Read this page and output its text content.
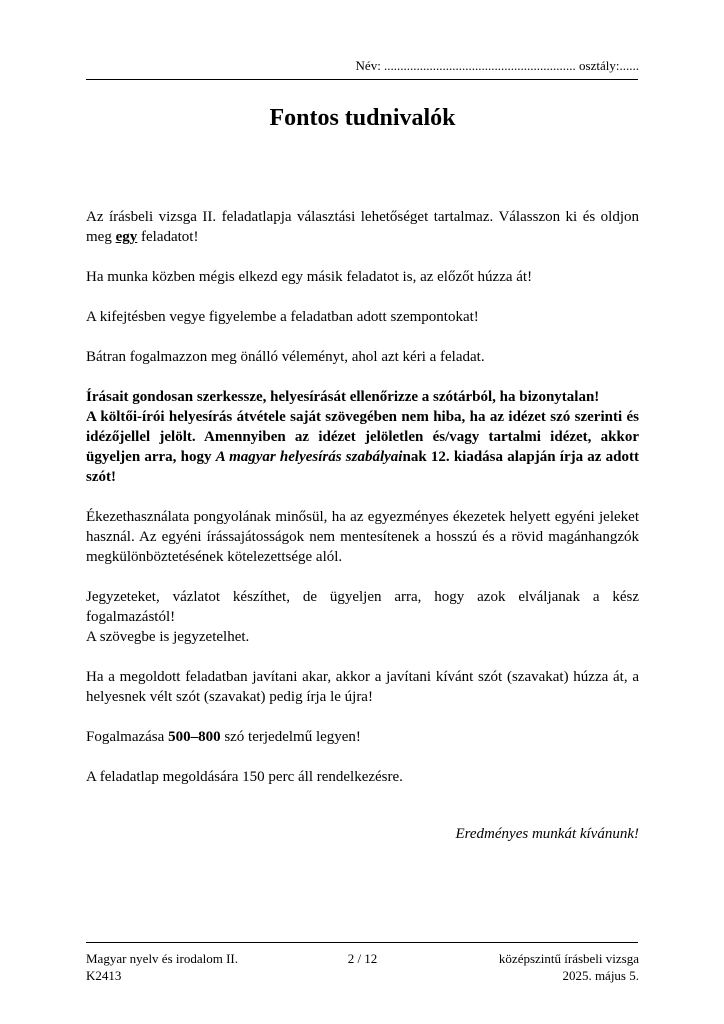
Név: ........................................................... osztály:......
Fontos tudnivalók

Az írásbeli vizsga II. feladatlapja választási lehetőséget tartalmaz. Válasszon ki és oldjon meg egy feladatot!

Ha munka közben mégis elkezd egy másik feladatot is, az előzőt húzza át!

A kifejtésben vegye figyelembe a feladatban adott szempontokat!

Bátran fogalmazzon meg önálló véleményt, ahol azt kéri a feladat.

Írásait gondosan szerkessze, helyesírását ellenőrizze a szótárból, ha bizonytalan!

A költői-írói helyesírás átvétele saját szövegében nem hiba, ha az idézet szó szerinti és idézőjellel jelölt. Amennyiben az idézet jelöletlen és/vagy tartalmi idézet, akkor ügyeljen arra, hogy A magyar helyesírás szabályainak 12. kiadása alapján írja az adott szót!

Ékezethasználata pongyolának minősül, ha az egyezményes ékezetek helyett egyéni jeleket használ. Az egyéni írássajátosságok nem mentesítenek a hosszú és a rövid magánhangzók megkülönböztetésének kötelezettsége alól.

Jegyzeteket, vázlatot készíthet, de ügyeljen arra, hogy azok elváljanak a kész fogalmazástól!
A szövegbe is jegyzetelhet.

Ha a megoldott feladatban javítani akar, akkor a javítani kívánt szót (szavakat) húzza át, a helyesnek vélt szót (szavakat) pedig írja le újra!

Fogalmazása 500–800 szó terjedelmű legyen!

A feladatlap megoldására 150 perc áll rendelkezésre.

Eredményes munkát kívánunk!
Magyar nyelv és irodalom II.	2 / 12	középszintű írásbeli vizsga
K2413	2025. május 5.
